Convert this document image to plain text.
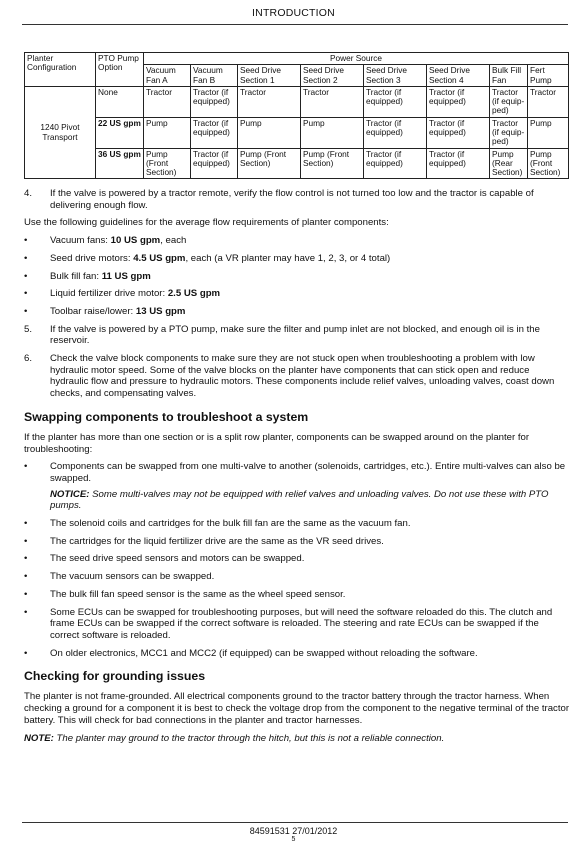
INTRODUCTION
Planter Configuration	PTO Pump Option	Power Source							
		Vacuum Fan A	Vacuum Fan B	Seed Drive Section 1	Seed Drive Section 2	Seed Drive Section 3	Seed Drive Section 4	Bulk Fill Fan	Fert Pump
1240 Pivot Transport	None	Tractor	Tractor (if equipped)	Tractor	Tractor	Tractor (if equipped)	Tractor (if equipped)	Tractor (if equip-ped)	Tractor
	22 US gpm	Pump	Tractor (if equipped)	Pump	Pump	Tractor (if equipped)	Tractor (if equipped)	Tractor (if equip-ped)	Pump
	36 US gpm	Pump (Front Section)	Tractor (if equipped)	Pump (Front Section)	Pump (Front Section)	Tractor (if equipped)	Tractor (if equipped)	Pump (Rear Section)	Pump (Front Section)
4.	If the valve is powered by a tractor remote, verify the flow control is not turned too low and the tractor is capable of delivering enough flow.

Use the following guidelines for the average flow requirements of planter components:

•	Vacuum fans: 10 US gpm, each
•	Seed drive motors: 4.5 US gpm, each (a VR planter may have 1, 2, 3, or 4 total)
•	Bulk fill fan: 11 US gpm
•	Liquid fertilizer drive motor: 2.5 US gpm
•	Toolbar raise/lower: 13 US gpm
5.	If the valve is powered by a PTO pump, make sure the filter and pump inlet are not blocked, and enough oil is in the reservoir.
6.	Check the valve block components to make sure they are not stuck open when troubleshooting a problem with low hydraulic motor speed. Some of the valve blocks on the planter have components that can stick open and reduce hydraulic flow and pressure to hydraulic motors. These components include relief valves, unloading valves, coast down checks, and compensating valves.
Swapping components to troubleshoot a system

If the planter has more than one section or is a split row planter, components can be swapped around on the planter for troubleshooting:

•	Components can be swapped from one multi-valve to another (solenoids, cartridges, etc.). Entire multi-valves can also be swapped.
NOTICE: Some multi-valves may not be equipped with relief valves and unloading valves. Do not use these with PTO pumps.
•	The solenoid coils and cartridges for the bulk fill fan are the same as the vacuum fan.
•	The cartridges for the liquid fertilizer drive are the same as the VR seed drives.
•	The seed drive speed sensors and motors can be swapped.
•	The vacuum sensors can be swapped.
•	The bulk fill fan speed sensor is the same as the wheel speed sensor.
•	Some ECUs can be swapped for troubleshooting purposes, but will need the software reloaded do this. The clutch and frame ECUs can be swapped if the correct software is reloaded. The steering and rate ECUs can be swapped if the correct software is reloaded.
•	On older electronics, MCC1 and MCC2 (if equipped) can be swapped without reloading the software.
Checking for grounding issues

The planter is not frame-grounded. All electrical components ground to the tractor battery through the tractor harness. When checking a ground for a component it is best to check the voltage drop from the component to the negative terminal of the tractor battery. This will check for bad connections in the planter and tractor harnesses.

NOTE: The planter may ground to the tractor through the hitch, but this is not a reliable connection.

84591531 27/01/2012
5
